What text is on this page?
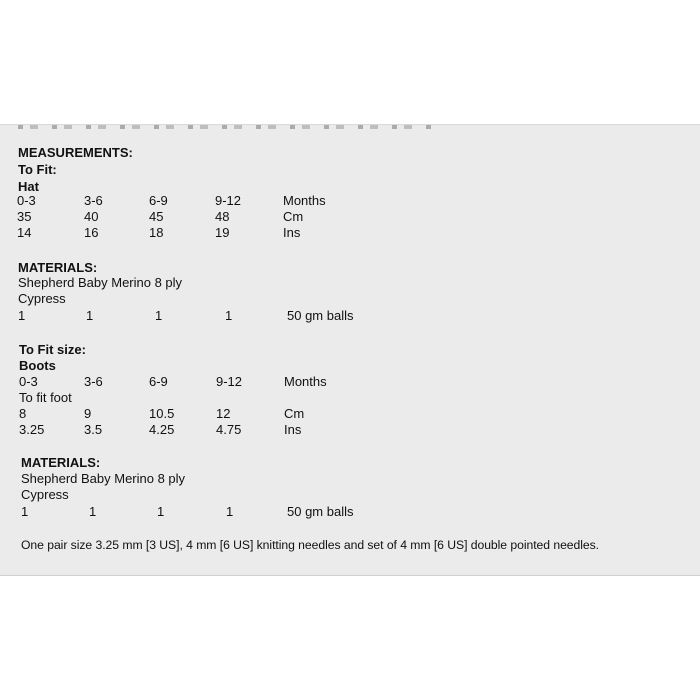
MEASUREMENTS:
To Fit:
Hat
0-3	3-6	6-9	9-12	Months
35	40	45	48	Cm
14	16	18	19	Ins
MATERIALS:
Shepherd Baby Merino 8 ply
Cypress
1	1	1	1	50 gm balls
To Fit size:
Boots
0-3	3-6	6-9	9-12	Months
To fit foot
8	9	10.5	12	Cm
3.25	3.5	4.25	4.75	Ins
MATERIALS:
Shepherd Baby Merino 8 ply
Cypress
1	1	1	1	50 gm balls
One pair size 3.25 mm [3 US], 4 mm [6 US] knitting needles and set of 4 mm [6 US] double pointed needles.
